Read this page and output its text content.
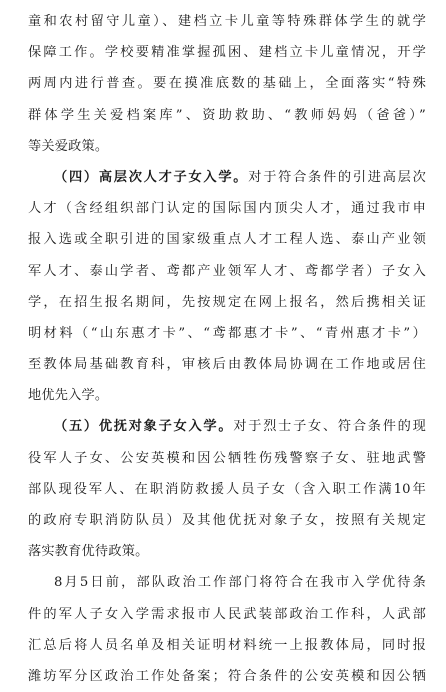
童和农村留守儿童）、建档立卡儿童等特殊群体学生的就学
保障工作。学校要精准掌握孤困、建档立卡儿童情况，开学
两周内进行普查。要在摸准底数的基础上，全面落实“特殊
群体学生关爱档案库”、资助救助、“教师妈妈（爸爸）”
等关爱政策。
（四）高层次人才子女入学。对于符合条件的引进高层次
人才（含经组织部门认定的国际国内顶尖人才，通过我市申
报入选或全职引进的国家级重点人才工程人选、泰山产业领
军人才、泰山学者、鸢都产业领军人才、鸢都学者）子女入
学，在招生报名期间，先按规定在网上报名，然后携相关证
明材料（“山东惠才卡”、“鸢都惠才卡”、“青州惠才卡”）
至教体局基础教育科，审核后由教体局协调在工作地或居住
地优先入学。
（五）优抚对象子女入学。对于烈士子女、符合条件的现
役军人子女、公安英模和因公牺牲伤残警察子女、驻地武警
部队现役军人、在职消防救援人员子女（含入职工作满10年
的政府专职消防队员）及其他优抚对象子女，按照有关规定
落实教育优待政策。
8月5日前，部队政治工作部门将符合在我市入学优待条
件的军人子女入学需求报市人民武装部政治工作科，人武部
汇总后将人员名单及相关证明材料统一上报教体局，同时报
潍坊军分区政治工作处备案；符合条件的公安英模和因公牺
